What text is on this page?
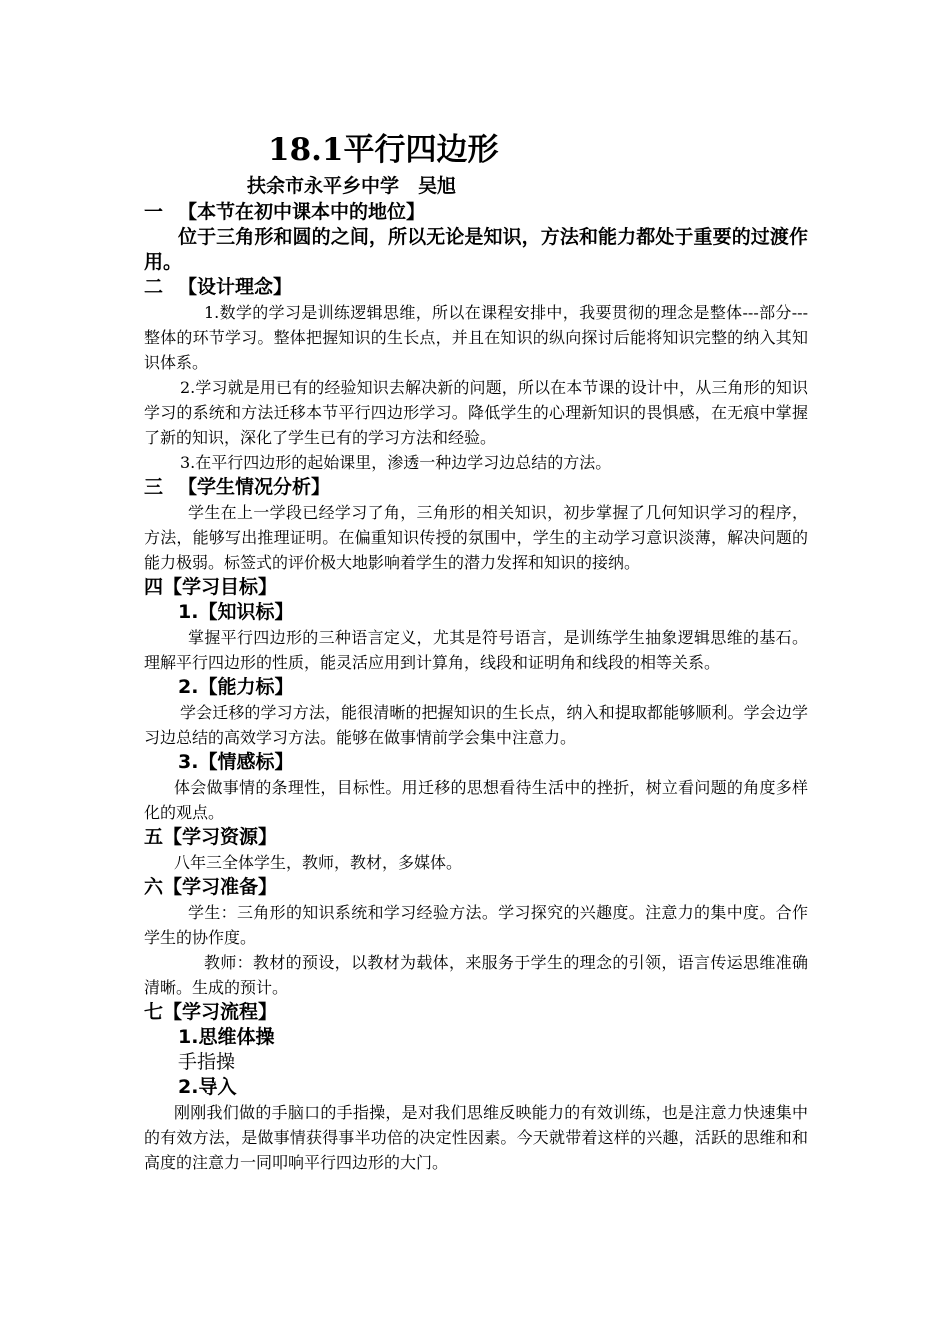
18.1平行四边形
扶余市永平乡中学　吴旭
一 【本节在初中课本中的地位】

位于三角形和圆的之间，所以无论是知识，方法和能力都处于重要的过渡作用。

二 【设计理念】

1.数学的学习是训练逻辑思维，所以在课程安排中，我要贯彻的理念是整体---部分---整体的环节学习。整体把握知识的生长点，并且在知识的纵向探讨后能将知识完整的纳入其知识体系。

2.学习就是用已有的经验知识去解决新的问题，所以在本节课的设计中，从三角形的知识学习的系统和方法迁移本节平行四边形学习。降低学生的心理新知识的畏惧感，在无痕中掌握了新的知识，深化了学生已有的学习方法和经验。

3.在平行四边形的起始课里，渗透一种边学习边总结的方法。

三 【学生情况分析】

学生在上一学段已经学习了角，三角形的相关知识，初步掌握了几何知识学习的程序，方法，能够写出推理证明。在偏重知识传授的氛围中，学生的主动学习意识淡薄，解决问题的能力极弱。标签式的评价极大地影响着学生的潜力发挥和知识的接纳。

四【学习目标】
1.【知识标】

掌握平行四边形的三种语言定义，尤其是符号语言，是训练学生抽象逻辑思维的基石。理解平行四边形的性质，能灵活应用到计算角，线段和证明角和线段的相等关系。

2.【能力标】

学会迁移的学习方法，能很清晰的把握知识的生长点，纳入和提取都能够顺利。学会边学习边总结的高效学习方法。能够在做事情前学会集中注意力。

3.【情感标】

体会做事情的条理性，目标性。用迁移的思想看待生活中的挫折，树立看问题的角度多样化的观点。

五【学习资源】

八年三全体学生，教师，教材，多媒体。

六【学习准备】

学生：三角形的知识系统和学习经验方法。学习探究的兴趣度。注意力的集中度。合作学生的协作度。

教师：教材的预设，以教材为载体，来服务于学生的理念的引领，语言传运思维准确清晰。生成的预计。

七【学习流程】
1.思维体操
手指操
2.导入

刚刚我们做的手脑口的手指操，是对我们思维反映能力的有效训练，也是注意力快速集中的有效方法，是做事情获得事半功倍的决定性因素。今天就带着这样的兴趣，活跃的思维和和高度的注意力一同叩响平行四边形的大门。
